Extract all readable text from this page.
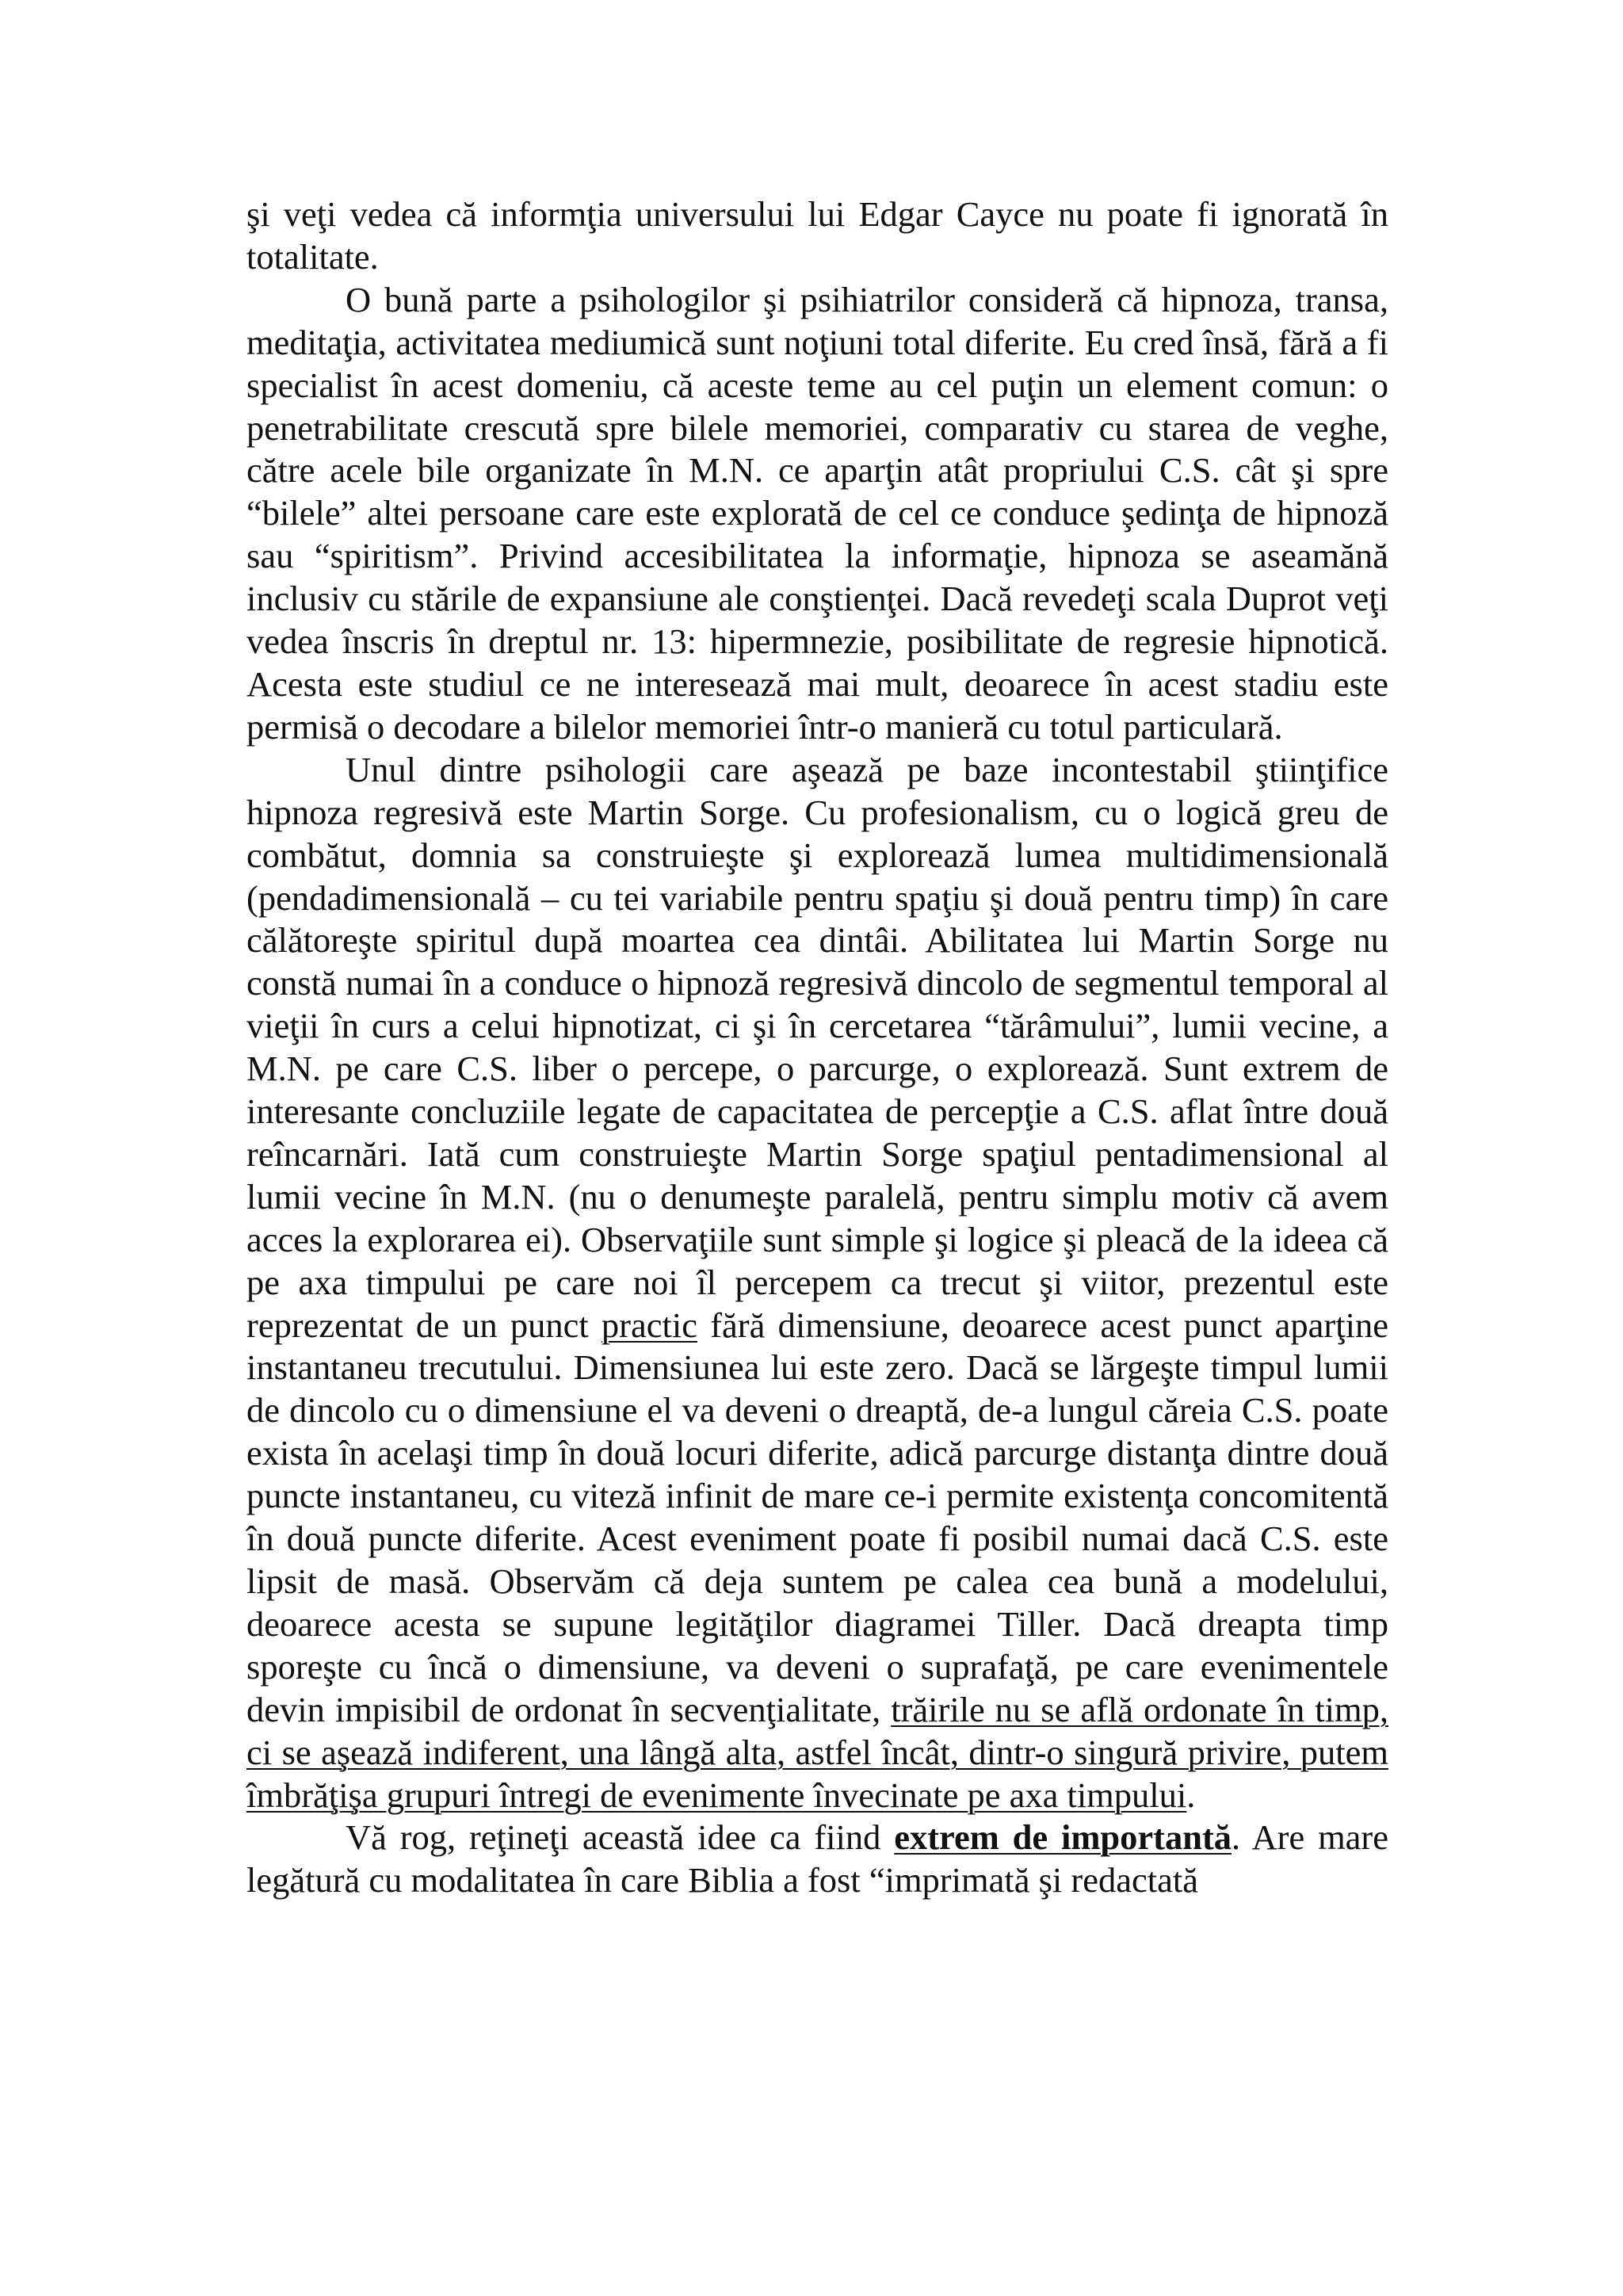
şi veţi vedea că informţia universului lui Edgar Cayce nu poate fi ignorată în totalitate.

O bună parte a psihologilor şi psihiatrilor consideră că hipnoza, transa, meditaţia, activitatea mediumică sunt noţiuni total diferite. Eu cred însă, fără a fi specialist în acest domeniu, că aceste teme au cel puţin un element comun: o penetrabilitate crescută spre bilele memoriei, comparativ cu starea de veghe, către acele bile organizate în M.N. ce aparţin atât propriului C.S. cât şi spre “bilele” altei persoane care este explorată de cel ce conduce şedinţa de hipnoză sau “spiritism”. Privind accesibilitatea la informaţie, hipnoza se aseamănă inclusiv cu stările de expansiune ale conştienţei. Dacă revedeţi scala Duprot veţi vedea înscris în dreptul nr. 13: hipermnezie, posibilitate de regresie hipnotică. Acesta este studiul ce ne interesează mai mult, deoarece în acest stadiu este permisă o decodare a bilelor memoriei într-o manieră cu totul particulară.

Unul dintre psihologii care aşează pe baze incontestabil ştiinţifice hipnoza regresivă este Martin Sorge. Cu profesionalism, cu o logică greu de combătut, domnia sa construieşte şi explorează lumea multidimensională (pendadimensională – cu tei variabile pentru spaţiu şi două pentru timp) în care călătoreşte spiritul după moartea cea dintâi. Abilitatea lui Martin Sorge nu constă numai în a conduce o hipnoză regresivă dincolo de segmentul temporal al vieţii în curs a celui hipnotizat, ci şi în cercetarea “tărâmului”, lumii vecine, a M.N. pe care C.S. liber o percepe, o parcurge, o explorează. Sunt extrem de interesante concluziile legate de capacitatea de percepţie a C.S. aflat între două reîncarnări. Iată cum construieşte Martin Sorge spaţiul pentadimensional al lumii vecine în M.N. (nu o denumeşte paralelă, pentru simplu motiv că avem acces la explorarea ei). Observaţiile sunt simple şi logice şi pleacă de la ideea că pe axa timpului pe care noi îl percepem ca trecut şi viitor, prezentul este reprezentat de un punct practic fără dimensiune, deoarece acest punct aparţine instantaneu trecutului. Dimensiunea lui este zero. Dacă se lărgeşte timpul lumii de dincolo cu o dimensiune el va deveni o dreaptă, de-a lungul căreia C.S. poate exista în acelaşi timp în două locuri diferite, adică parcurge distanţa dintre două puncte instantaneu, cu viteză infinit de mare ce-i permite existenţa concomitentă în două puncte diferite. Acest eveniment poate fi posibil numai dacă C.S. este lipsit de masă. Observăm că deja suntem pe calea cea bună a modelului, deoarece acesta se supune legităţilor diagramei Tiller. Dacă dreapta timp sporeşte cu încă o dimensiune, va deveni o suprafaţă, pe care evenimentele devin impisibil de ordonat în secvenţialitate, trăirile nu se află ordonate în timp, ci se aşează indiferent, una lângă alta, astfel încât, dintr-o singură privire, putem îmbrăţişa grupuri întregi de evenimente învecinate pe axa timpului.

Vă rog, reţineţi această idee ca fiind extrem de importantă. Are mare legătură cu modalitatea în care Biblia a fost “imprimată şi redactată
